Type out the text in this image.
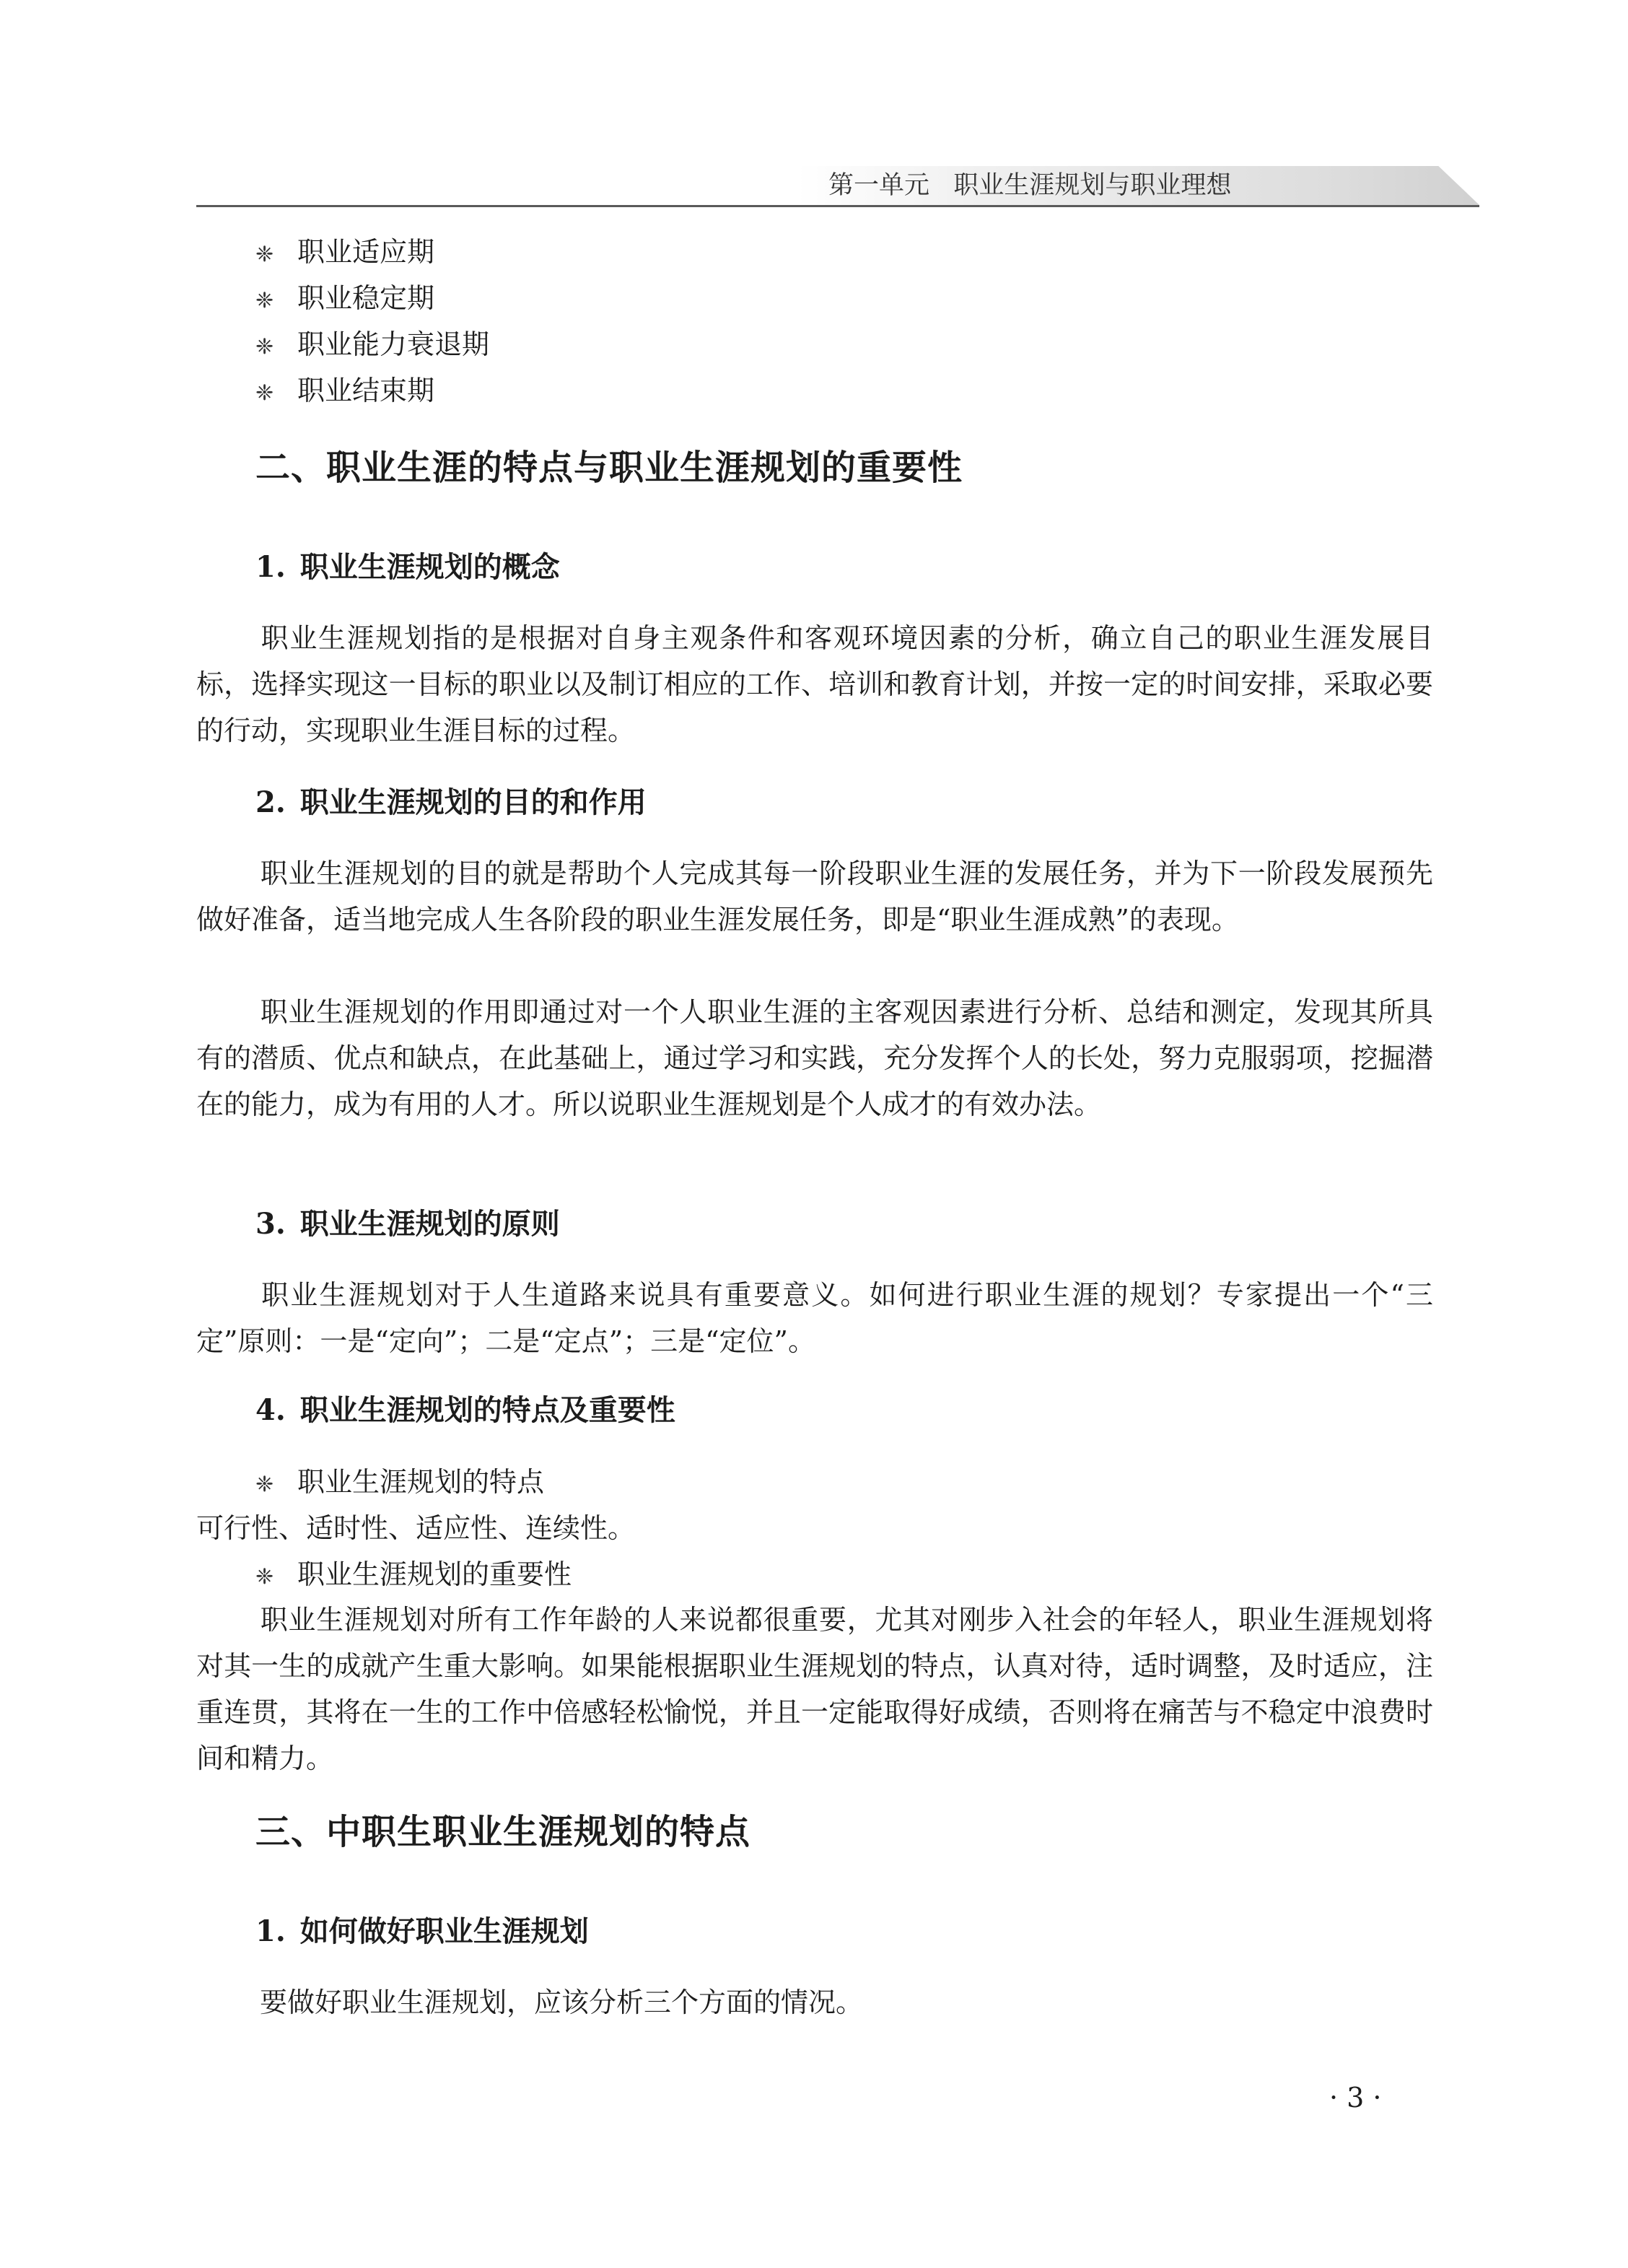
第一单元 职业生涯规划与职业理想
❈ 职业适应期
❈ 职业稳定期
❈ 职业能力衰退期
❈ 职业结束期
二、职业生涯的特点与职业生涯规划的重要性
1. 职业生涯规划的概念
职业生涯规划指的是根据对自身主观条件和客观环境因素的分析，确立自己的职业生涯发展目标，选择实现这一目标的职业以及制订相应的工作、培训和教育计划，并按一定的时间安排，采取必要的行动，实现职业生涯目标的过程。
2. 职业生涯规划的目的和作用
职业生涯规划的目的就是帮助个人完成其每一阶段职业生涯的发展任务，并为下一阶段发展预先做好准备，适当地完成人生各阶段的职业生涯发展任务，即是“职业生涯成熟”的表现。
职业生涯规划的作用即通过对一个人职业生涯的主客观因素进行分析、总结和测定，发现其所具有的潜质、优点和缺点，在此基础上，通过学习和实践，充分发挥个人的长处，努力克服弱项，挖掘潜在的能力，成为有用的人才。所以说职业生涯规划是个人成才的有效办法。
3. 职业生涯规划的原则
职业生涯规划对于人生道路来说具有重要意义。如何进行职业生涯的规划？专家提出一个“三定”原则：一是“定向”；二是“定点”；三是“定位”。
4. 职业生涯规划的特点及重要性
❈ 职业生涯规划的特点
可行性、适时性、适应性、连续性。
❈ 职业生涯规划的重要性
职业生涯规划对所有工作年龄的人来说都很重要，尤其对刚步入社会的年轻人，职业生涯规划将对其一生的成就产生重大影响。如果能根据职业生涯规划的特点，认真对待，适时调整，及时适应，注重连贯，其将在一生的工作中倍感轻松愉悦，并且一定能取得好成绩，否则将在痛苦与不稳定中浪费时间和精力。
三、中职生职业生涯规划的特点
1. 如何做好职业生涯规划
要做好职业生涯规划，应该分析三个方面的情况。
· 3 ·
